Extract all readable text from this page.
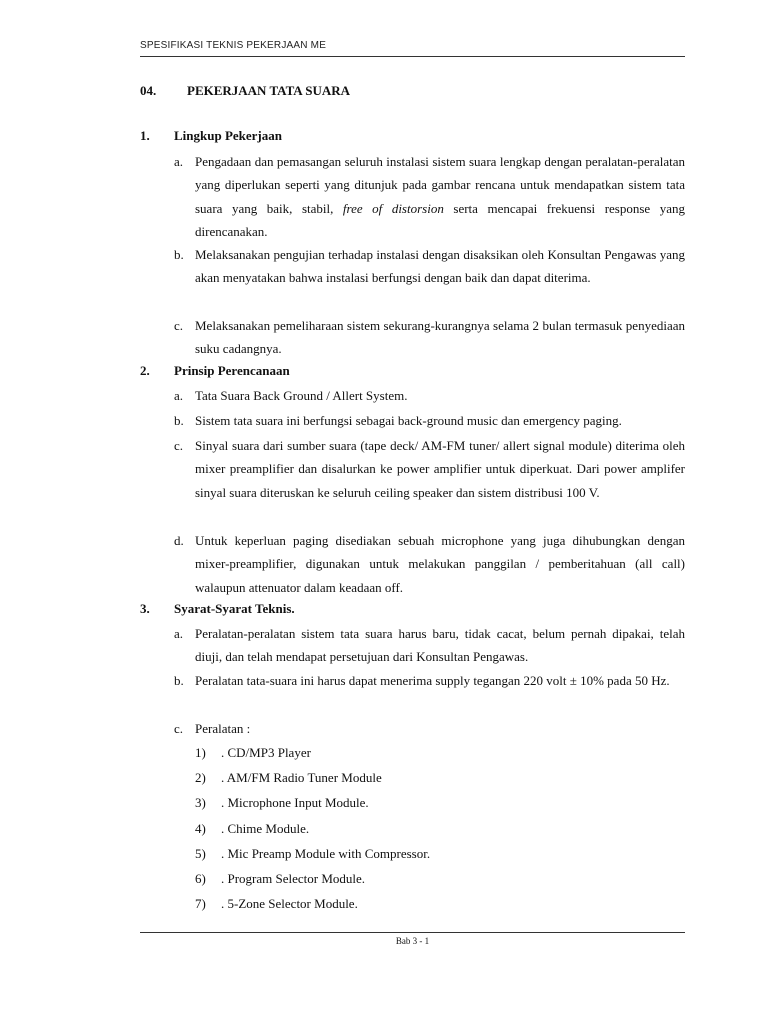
SPESIFIKASI TEKNIS PEKERJAAN ME
04. PEKERJAAN TATA SUARA
1. Lingkup Pekerjaan
a. Pengadaan dan pemasangan seluruh instalasi sistem suara lengkap dengan peralatan-peralatan yang diperlukan seperti yang ditunjuk pada gambar rencana untuk mendapatkan sistem tata suara yang baik, stabil, free of distorsion serta mencapai frekuensi response yang direncanakan.
b. Melaksanakan pengujian terhadap instalasi dengan disaksikan oleh Konsultan Pengawas yang akan menyatakan bahwa instalasi berfungsi dengan baik dan dapat diterima.
c. Melaksanakan pemeliharaan sistem sekurang-kurangnya selama 2 bulan termasuk penyediaan suku cadangnya.
2. Prinsip Perencanaan
a. Tata Suara Back Ground / Allert System.
b. Sistem tata suara ini berfungsi sebagai back-ground music dan emergency paging.
c. Sinyal suara dari sumber suara (tape deck/ AM-FM tuner/ allert signal module) diterima oleh mixer preamplifier dan disalurkan ke power amplifier untuk diperkuat. Dari power amplifer sinyal suara diteruskan ke seluruh ceiling speaker dan sistem distribusi 100 V.
d. Untuk keperluan paging disediakan sebuah microphone yang juga dihubungkan dengan mixer-preamplifier, digunakan untuk melakukan panggilan / pemberitahuan (all call) walaupun attenuator dalam keadaan off.
3. Syarat-Syarat Teknis.
a. Peralatan-peralatan sistem tata suara harus baru, tidak cacat, belum pernah dipakai, telah diuji, dan telah mendapat persetujuan dari Konsultan Pengawas.
b. Peralatan tata-suara ini harus dapat menerima supply tegangan 220 volt ± 10% pada 50 Hz.
c. Peralatan :
1) . CD/MP3 Player
2) . AM/FM Radio Tuner Module
3) . Microphone Input Module.
4) . Chime Module.
5) . Mic Preamp Module with Compressor.
6) . Program Selector Module.
7) . 5-Zone Selector Module.
Bab 3 - 1
